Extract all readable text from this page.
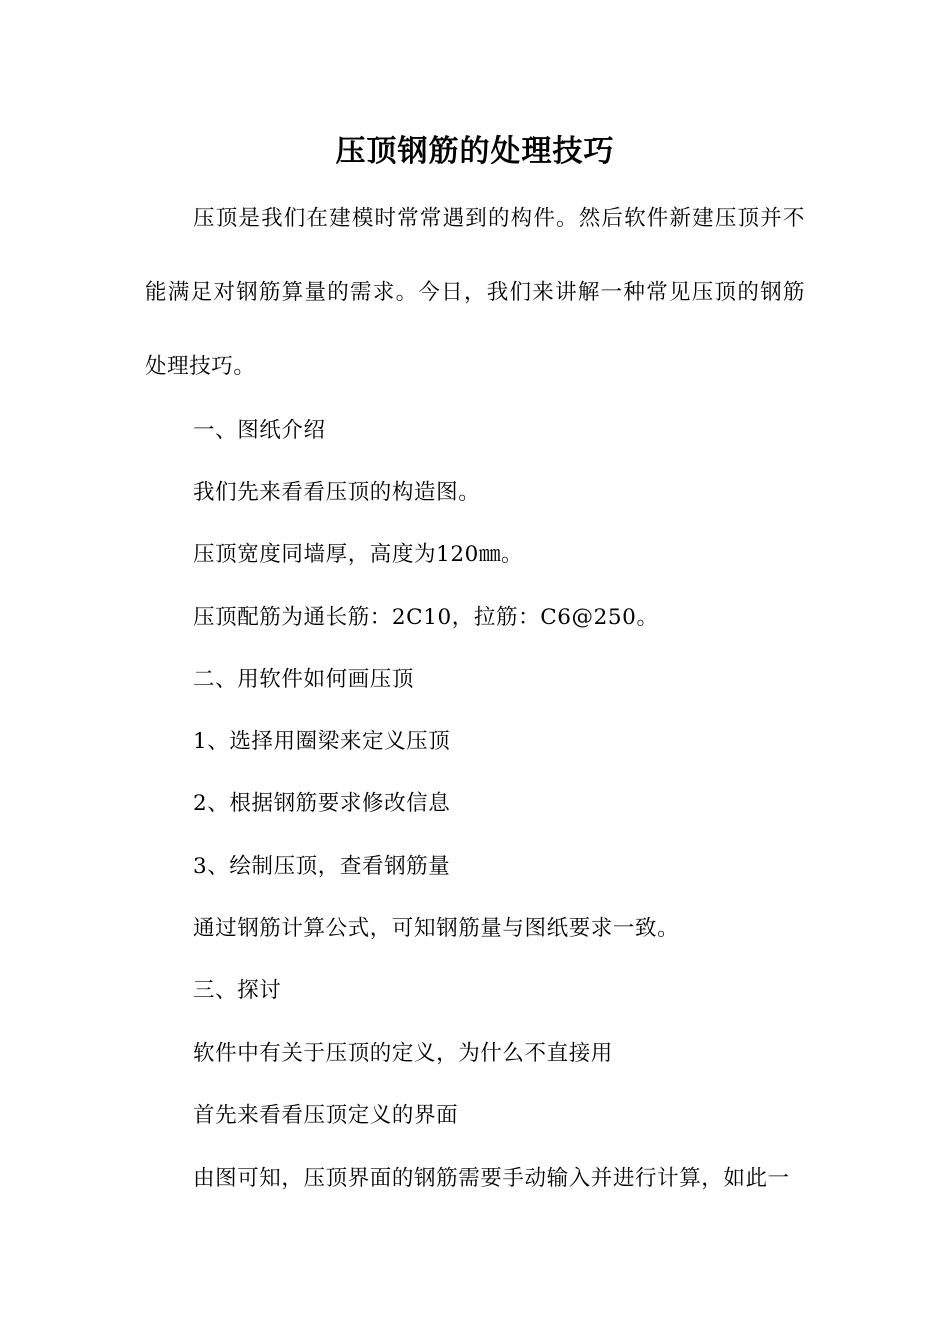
压顶钢筋的处理技巧

压顶是我们在建模时常常遇到的构件。然后软件新建压顶并不能满足对钢筋算量的需求。今日，我们来讲解一种常见压顶的钢筋处理技巧。

一、图纸介绍

我们先来看看压顶的构造图。

压顶宽度同墙厚，高度为120㎜。

压顶配筋为通长筋：2C10，拉筋：C6@250。

二、用软件如何画压顶

1、选择用圈梁来定义压顶

2、根据钢筋要求修改信息

3、绘制压顶，查看钢筋量

通过钢筋计算公式，可知钢筋量与图纸要求一致。

三、探讨

软件中有关于压顶的定义，为什么不直接用

首先来看看压顶定义的界面

由图可知，压顶界面的钢筋需要手动输入并进行计算，如此一
